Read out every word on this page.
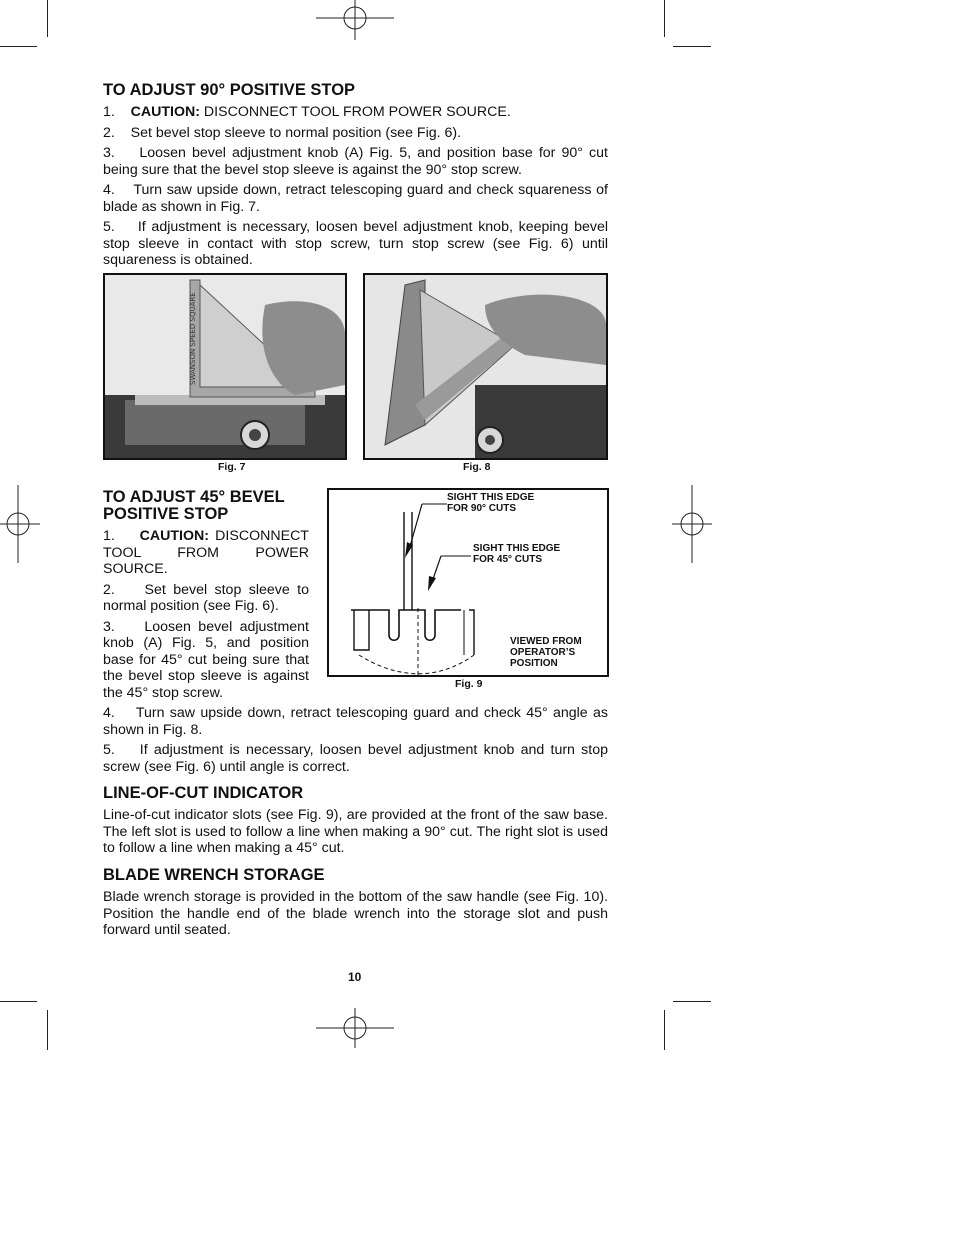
TO ADJUST 90° POSITIVE STOP

1. CAUTION: DISCONNECT TOOL FROM POWER SOURCE.

2. Set bevel stop sleeve to normal position (see Fig. 6).

3. Loosen bevel adjustment knob (A) Fig. 5, and position base for 90° cut being sure that the bevel stop sleeve is against the 90° stop screw.

4. Turn saw upside down, retract telescoping guard and check squareness of blade as shown in Fig. 7.

5. If adjustment is necessary, loosen bevel adjustment knob, keeping bevel stop sleeve in contact with stop screw, turn stop screw (see Fig. 6) until squareness is obtained.

SWANSON SPEED SQUARE
Fig. 7	Fig. 8
TO ADJUST 45° BEVEL POSITIVE STOP

1. CAUTION: DISCONNECT TOOL FROM POWER SOURCE.

2. Set bevel stop sleeve to normal position (see Fig. 6).

3. Loosen bevel adjustment knob (A) Fig. 5, and position base for 45° cut being sure that the bevel stop sleeve is against the 45° stop screw.

SIGHT THIS EDGE FOR 90° CUTS
SIGHT THIS EDGE FOR 45° CUTS
VIEWED FROM OPERATOR’S POSITION
Fig. 9

4. Turn saw upside down, retract telescoping guard and check 45° angle as shown in Fig. 8.

5. If adjustment is necessary, loosen bevel adjustment knob and turn stop screw (see Fig. 6) until angle is correct.

LINE-OF-CUT INDICATOR

Line-of-cut indicator slots (see Fig. 9), are provided at the front of the saw base. The left slot is used to follow a line when making a 90° cut. The right slot is used to follow a line when making a 45° cut.

BLADE WRENCH STORAGE

Blade wrench storage is provided in the bottom of the saw handle (see Fig. 10). Position the handle end of the blade wrench into the storage slot and push forward until seated.

10
